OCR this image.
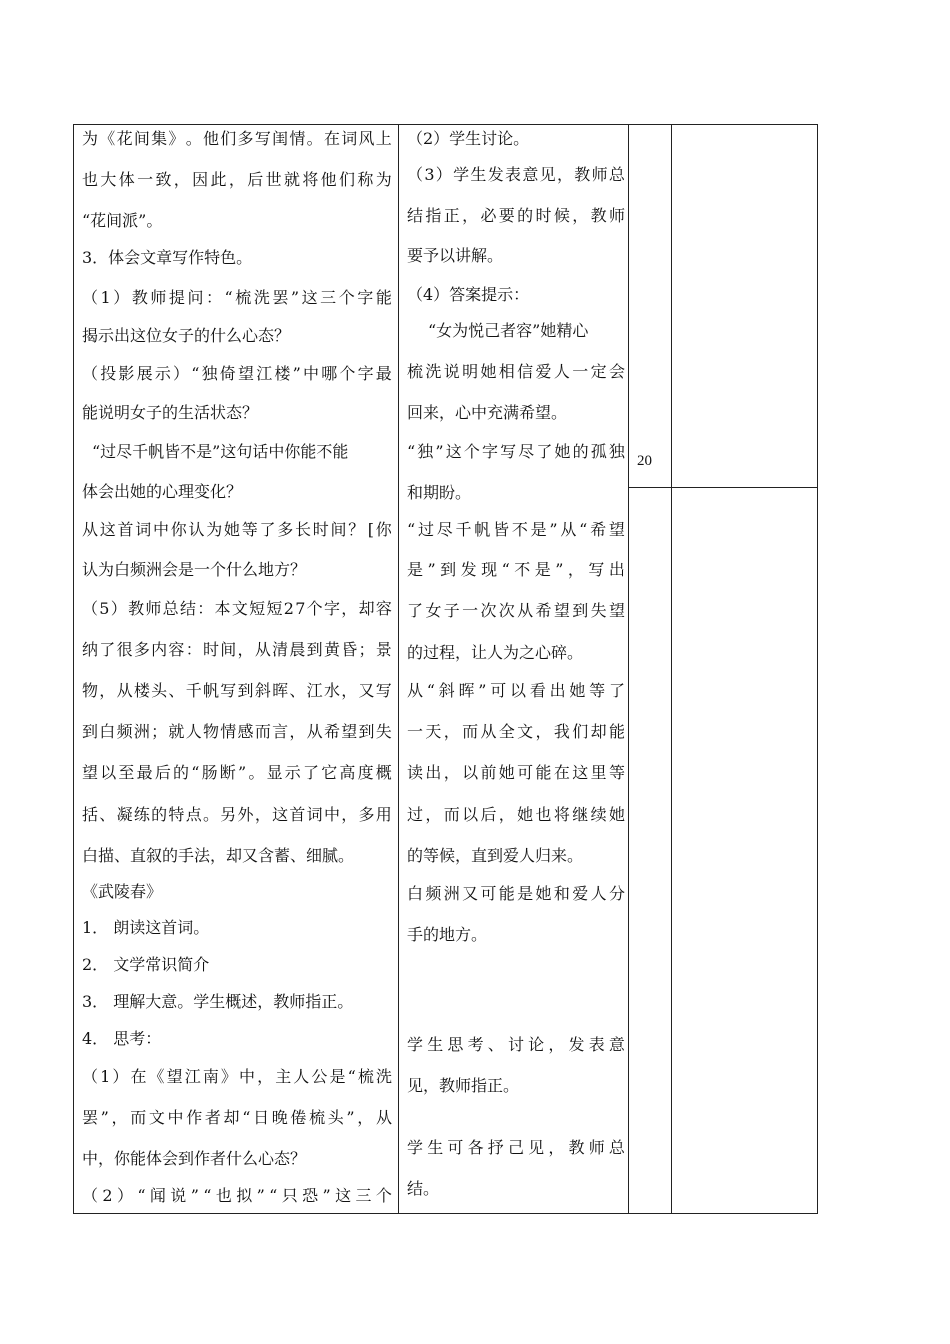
为 《 花 间 集 》 。 他 们 多 写 闺 情 。 在 词 风 上
也 大 体 一 致 ， 因 此 ， 后 世 就 将 他 们 称 为
“花间派”。
3．体会文章写作特色。
（ 1 ） 教 师 提 问 ： “ 梳 洗 罢 ” 这 三 个 字 能
揭示出这位女子的什么心态？
（ 投 影 展 示 ） “ 独 倚 望 江 楼 ” 中 哪 个 字 最
能说明女子的生活状态？
“过尽千帆皆不是”这句话中你能不能
体会出她的心理变化？
从 这 首 词 中 你 认 为 她 等 了 多 长 时 间 ？ [ 你
认为白频洲会是一个什么地方？
（ 5 ） 教 师 总 结 ： 本 文 短 短 2 7 个 字 ， 却 容
纳 了 很 多 内 容 ： 时 间 ， 从 清 晨 到 黄 昏 ； 景
物 ， 从 楼 头 、 千 帆 写 到 斜 晖 、 江 水 ， 又 写
到 白 频 洲 ； 就 人 物 情 感 而 言 ， 从 希 望 到 失
望 以 至 最 后 的 “ 肠 断 ” 。 显 示 了 它 高 度 概
括 、 凝 练 的 特 点 。 另 外 ， 这 首 词 中 ， 多 用
白描、直叙的手法，却又含蓄、细腻。
《武陵春》
1． 朗读这首词。
2． 文学常识简介
3． 理解大意。学生概述，教师指正。
4． 思考：
（ 1 ） 在 《 望 江 南 》 中 ， 主 人 公 是 “ 梳 洗
罢 ” ， 而 文 中 作 者 却 “ 日 晚 倦 梳 头 ” ， 从
中，你能体会到作者什么心态？
（ 2 ） “ 闻 说 ” “ 也 拟 ” “ 只 恐 ” 这 三 个
（2）学生讨论。
（ 3 ） 学 生 发 表 意 见 ， 教 师 总
结 指 正 ， 必 要 的 时 候 ， 教 师
要予以讲解。
（4）答案提示：
“女为悦己者容”她精心
梳 洗 说 明 她 相 信 爱 人 一 定 会
回来，心中充满希望。
“ 独 ” 这 个 字 写 尽 了 她 的 孤 独
和期盼。
“ 过 尽 千 帆 皆 不 是 ” 从 “ 希 望
是 ” 到 发 现 “ 不 是 ” ， 写 出
了 女 子 一 次 次 从 希 望 到 失 望
的过程，让人为之心碎。
从 “ 斜 晖 ” 可 以 看 出 她 等 了
一 天 ， 而 从 全 文 ， 我 们 却 能
读 出 ， 以 前 她 可 能 在 这 里 等
过 ， 而 以 后 ， 她 也 将 继 续 她
的等候，直到爱人归来。
白 频 洲 又 可 能 是 她 和 爱 人 分
手的地方。
学 生 思 考 、 讨 论 ， 发 表 意
见，教师指正。
学 生 可 各 抒 己 见 ， 教 师 总
结。
20
